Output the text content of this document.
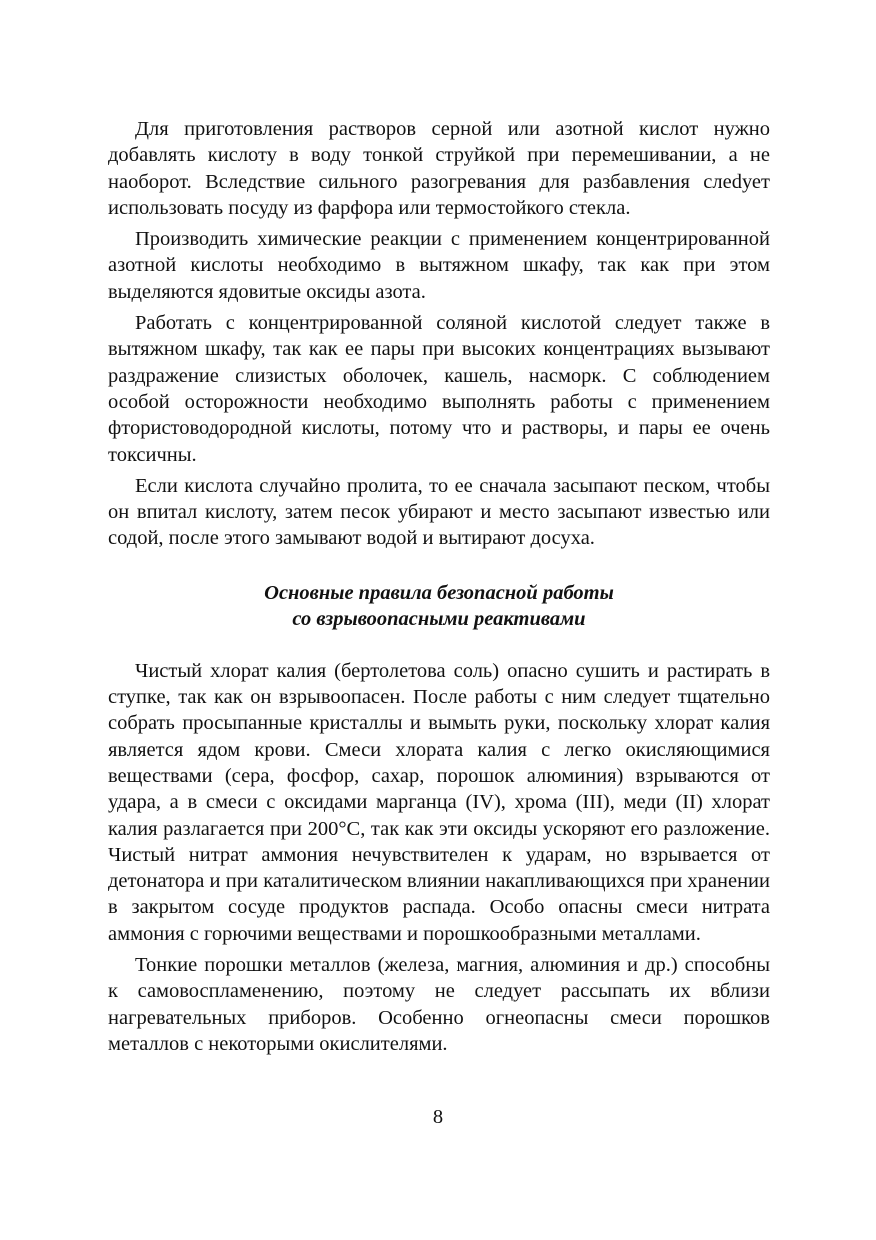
Для приготовления растворов серной или азотной кислот нужно добавлять кислоту в воду тонкой струйкой при перемешивании, а не наоборот. Вследствие сильного разогревания для разбавления слеdует использовать посуду из фарфора или термостойкого стекла.

Производить химические реакции с применением концентрированной азотной кислоты необходимо в вытяжном шкафу, так как при этом выделяются ядовитые оксиды азота.

Работать с концентрированной соляной кислотой следует также в вытяжном шкафу, так как ее пары при высоких концентрациях вызывают раздражение слизистых оболочек, кашель, насморк. С соблюдением особой осторожности необходимо выполнять работы с применением фтористоводородной кислоты, потому что и растворы, и пары ее очень токсичны.

Если кислота случайно пролита, то ее сначала засыпают песком, чтобы он впитал кислоту, затем песок убирают и место засыпают известью или содой, после этого замывают водой и вытирают досуха.

Основные правила безопасной работы
со взрывоопасными реактивами

Чистый хлорат калия (бертолетова соль) опасно сушить и растирать в ступке, так как он взрывоопасен. После работы с ним следует тщательно собрать просыпанные кристаллы и вымыть руки, поскольку хлорат калия является ядом крови. Смеси хлората калия с легко окисляющимися веществами (сера, фосфор, сахар, порошок алюминия) взрываются от удара, а в смеси с оксидами марганца (IV), хрома (III), меди (II) хлорат калия разлагается при 200°С, так как эти оксиды ускоряют его разложение. Чистый нитрат аммония нечувствителен к ударам, но взрывается от детонатора и при каталитическом влиянии накапливающихся при хранении в закрытом сосуде продуктов распада. Особо опасны смеси нитрата аммония с горючими веществами и порошкообразными металлами.

Тонкие порошки металлов (железа, магния, алюминия и др.) способны к самовоспламенению, поэтому не следует рассыпать их вблизи нагревательных приборов. Особенно огнеопасны смеси порошков металлов с некоторыми окислителями.

8
